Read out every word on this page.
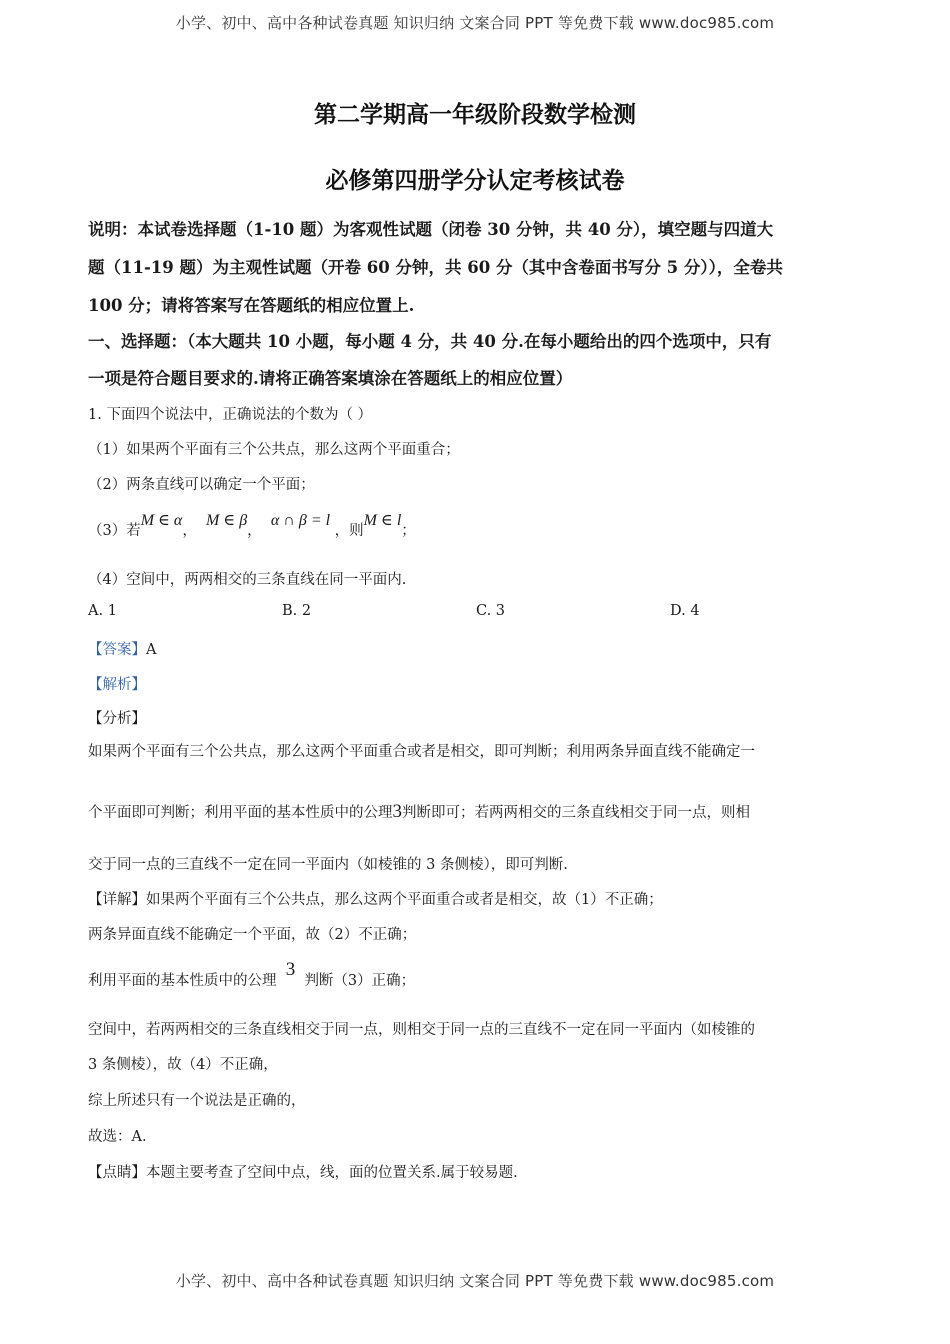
小学、初中、高中各种试卷真题 知识归纳 文案合同 PPT 等免费下载 www.doc985.com
第二学期高一年级阶段数学检测
必修第四册学分认定考核试卷
说明：本试卷选择题（1-10 题）为客观性试题（闭卷 30 分钟，共 40 分），填空题与四道大
题（11-19 题）为主观性试题（开卷 60 分钟，共 60 分（其中含卷面书写分 5 分）），全卷共
100 分；请将答案写在答题纸的相应位置上.
一、选择题：（本大题共 10 小题，每小题 4 分，共 40 分.在每小题给出的四个选项中，只有
一项是符合题目要求的.请将正确答案填涂在答题纸上的相应位置）
1. 下面四个说法中，正确说法的个数为（ ）
（1）如果两个平面有三个公共点，那么这两个平面重合；
（2）两条直线可以确定一个平面；
（3）若M ∈ α，  M ∈ β，  α ∩ β = l ，则M ∈ l；
（4）空间中，两两相交的三条直线在同一平面内.
A. 1	B. 2	C. 3	D. 4
【答案】A
【解析】
【分析】
如果两个平面有三个公共点，那么这两个平面重合或者是相交，即可判断；利用两条异面直线不能确定一
个平面即可判断；利用平面的基本性质中的公理3判断即可；若两两相交的三条直线相交于同一点，则相
交于同一点的三直线不一定在同一平面内（如棱锥的 3 条侧棱），即可判断.
【详解】如果两个平面有三个公共点，那么这两个平面重合或者是相交，故（1）不正确；
两条异面直线不能确定一个平面，故（2）不正确；
利用平面的基本性质中的公理  3  判断（3）正确；
空间中，若两两相交的三条直线相交于同一点，则相交于同一点的三直线不一定在同一平面内（如棱锥的
3 条侧棱），故（4）不正确，
综上所述只有一个说法是正确的，
故选：A.
【点睛】本题主要考查了空间中点，线，面的位置关系.属于较易题.
小学、初中、高中各种试卷真题 知识归纳 文案合同 PPT 等免费下载 www.doc985.com
